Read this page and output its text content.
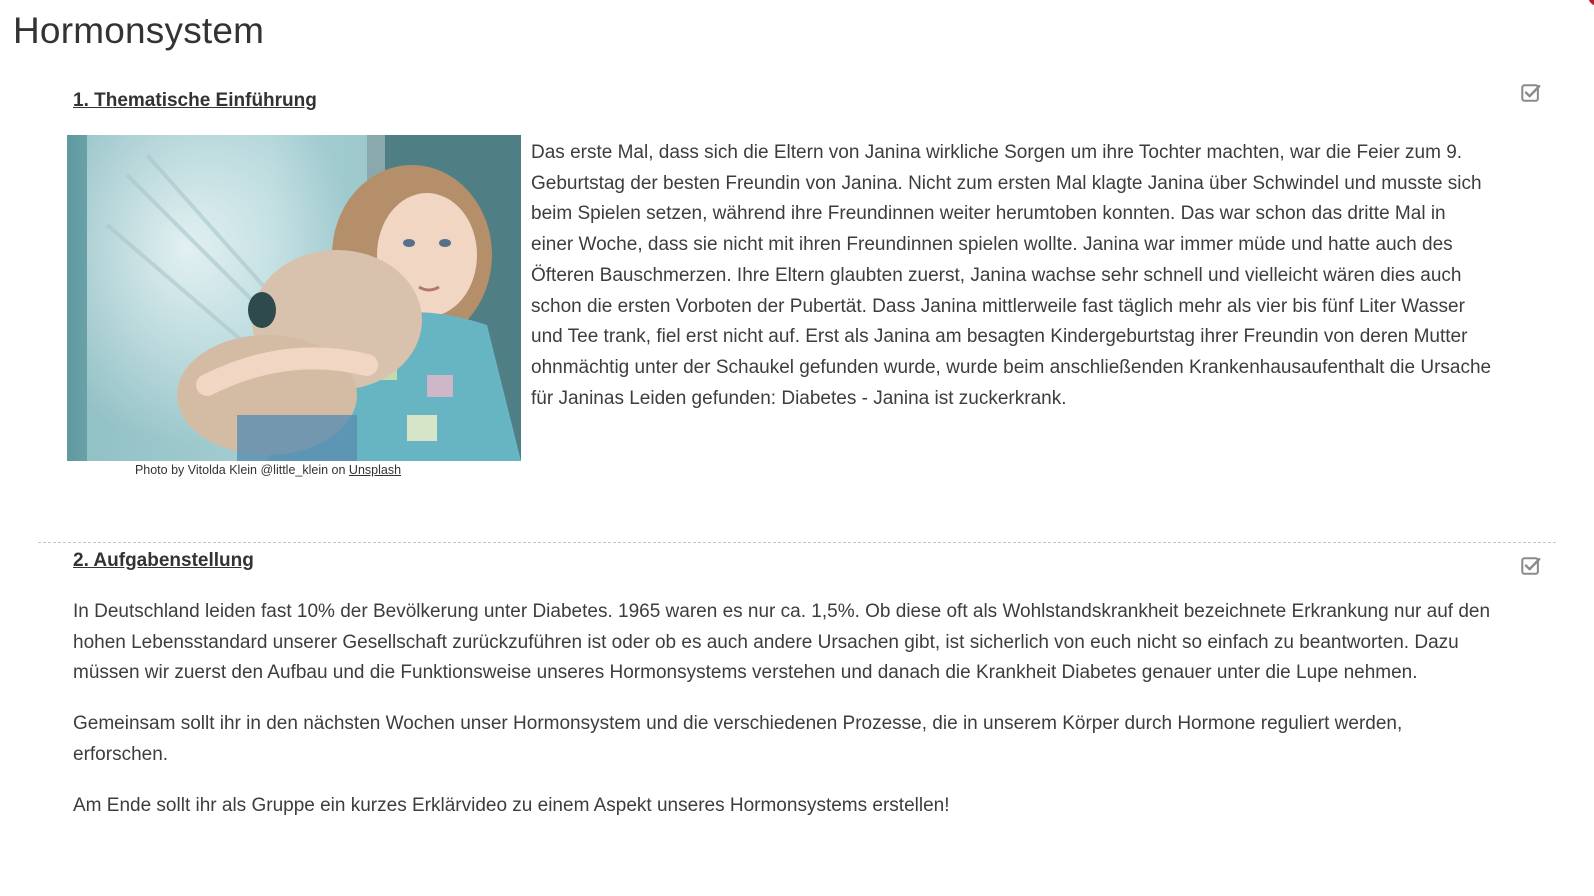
Hormonsystem
1. Thematische Einführung
Photo by Vitolda Klein @little_klein on Unsplash

Das erste Mal, dass sich die Eltern von Janina wirkliche Sorgen um ihre Tochter machten, war die Feier zum 9. Geburtstag der besten Freundin von Janina. Nicht zum ersten Mal klagte Janina über Schwindel und musste sich beim Spielen setzen, während ihre Freundinnen weiter herumtoben konnten. Das war schon das dritte Mal in einer Woche, dass sie nicht mit ihren Freundinnen spielen wollte. Janina war immer müde und hatte auch des Öfteren Bauschmerzen. Ihre Eltern glaubten zuerst, Janina wachse sehr schnell und vielleicht wären dies auch schon die ersten Vorboten der Pubertät. Dass Janina mittlerweile fast täglich mehr als vier bis fünf Liter Wasser und Tee trank, fiel erst nicht auf. Erst als Janina am besagten Kindergeburtstag ihrer Freundin von deren Mutter ohnmächtig unter der Schaukel gefunden wurde, wurde beim anschließenden Krankenhausaufenthalt die Ursache für Janinas Leiden gefunden: Diabetes - Janina ist zuckerkrank.

2. Aufgabenstellung

In Deutschland leiden fast 10% der Bevölkerung unter Diabetes. 1965 waren es nur ca. 1,5%. Ob diese oft als Wohlstandskrankheit bezeichnete Erkrankung nur auf den hohen Lebensstandard unserer Gesellschaft zurückzuführen ist oder ob es auch andere Ursachen gibt, ist sicherlich von euch nicht so einfach zu beantworten. Dazu müssen wir zuerst den Aufbau und die Funktionsweise unseres Hormonsystems verstehen und danach die Krankheit Diabetes genauer unter die Lupe nehmen.

Gemeinsam sollt ihr in den nächsten Wochen unser Hormonsystem und die verschiedenen Prozesse, die in unserem Körper durch Hormone reguliert werden, erforschen.

Am Ende sollt ihr als Gruppe ein kurzes Erklärvideo zu einem Aspekt unseres Hormonsystems erstellen!
